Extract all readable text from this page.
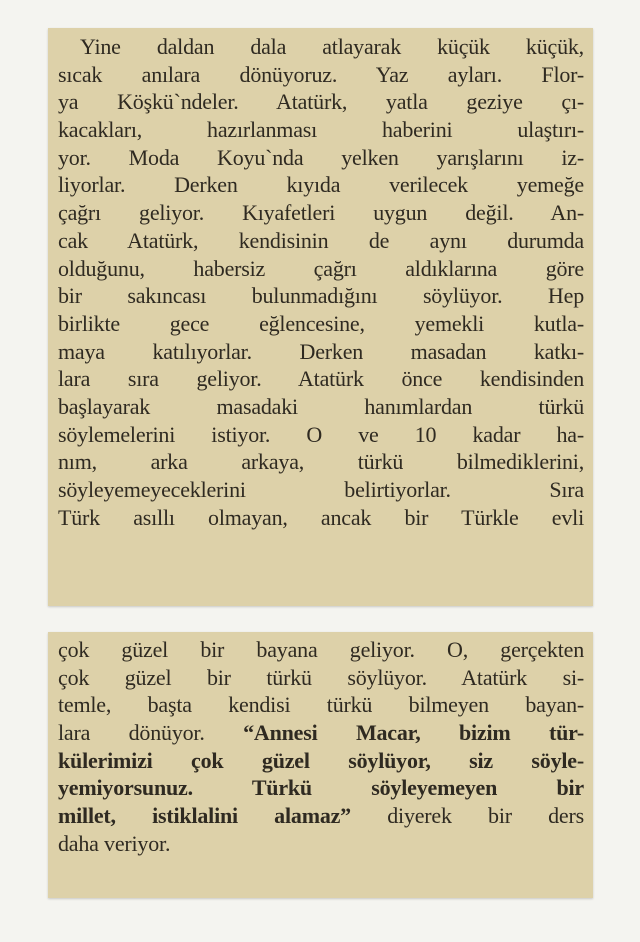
Yine daldan dala atlayarak küçük küçük,
sıcak anılara dönüyoruz. Yaz ayları. Flor-
ya Köşkü`ndeler. Atatürk, yatla geziye çı-
kacakları, hazırlanması haberini ulaştırı-
yor. Moda Koyu`nda yelken yarışlarını iz-
liyorlar. Derken kıyıda verilecek yemeğe
çağrı geliyor. Kıyafetleri uygun değil. An-
cak Atatürk, kendisinin de aynı durumda
olduğunu, habersiz çağrı aldıklarına göre
bir sakıncası bulunmadığını söylüyor. Hep
birlikte gece eğlencesine, yemekli kutla-
maya katılıyorlar. Derken masadan katkı-
lara sıra geliyor. Atatürk önce kendisinden
başlayarak masadaki hanımlardan türkü
söylemelerini istiyor. O ve 10 kadar ha-
nım, arka arkaya, türkü bilmediklerini,
söyleyemeyeceklerini belirtiyorlar. Sıra
Türk asıllı olmayan, ancak bir Türkle evli
çok güzel bir bayana geliyor. O, gerçekten
çok güzel bir türkü söylüyor. Atatürk si-
temle, başta kendisi türkü bilmeyen bayan-
lara dönüyor. “Annesi Macar, bizim tür-
külerimizi çok güzel söylüyor, siz söyle-
yemiyorsunuz. Türkü söyleyemeyen bir
millet, istiklalini alamaz” diyerek bir ders
daha veriyor.
